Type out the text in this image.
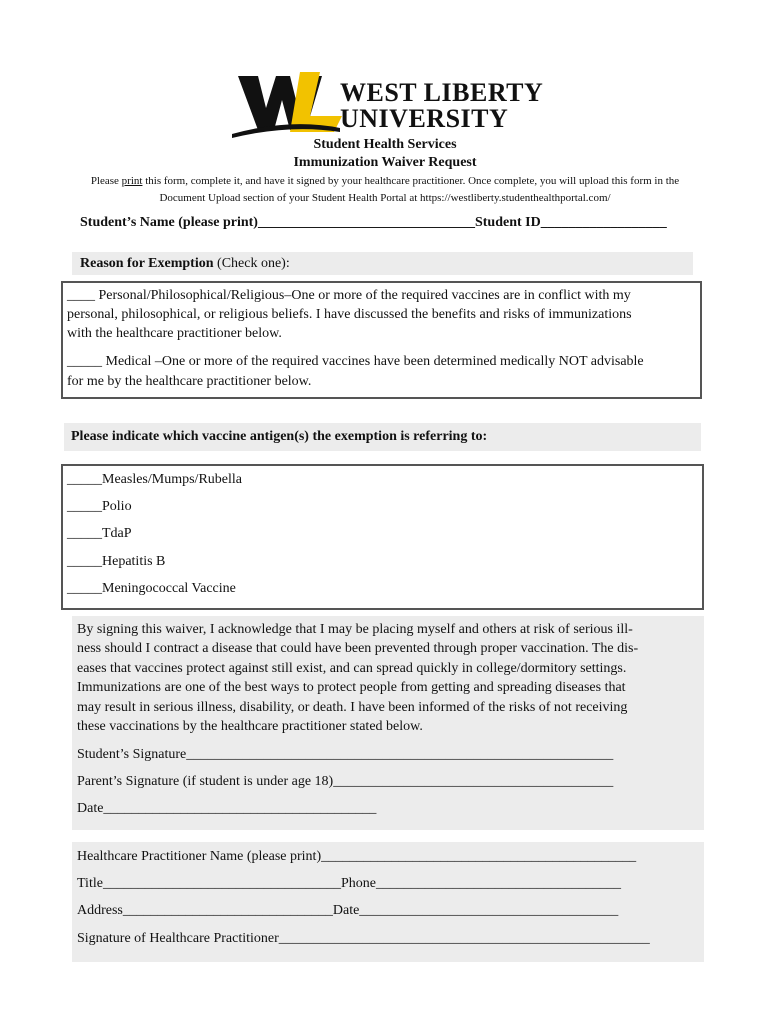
WEST LIBERTY
UNIVERSITY
Student Health Services
Immunization Waiver Request
Please print this form, complete it, and have it signed by your healthcare practitioner. Once complete, you will upload this form in the
Document Upload section of your Student Health Portal at https://westliberty.studenthealthportal.com/
Student’s Name (please print)_______________________________Student ID__________________
Reason for Exemption (Check one):
____ Personal/Philosophical/Religious–One or more of the required vaccines are in conflict with my
personal, philosophical, or religious beliefs. I have discussed the benefits and risks of immunizations
with the healthcare practitioner below.
_____ Medical –One or more of the required vaccines have been determined medically NOT advisable
for me by the healthcare practitioner below.
Please indicate which vaccine antigen(s) the exemption is referring to:
_____Measles/Mumps/Rubella
_____Polio
_____TdaP
_____Hepatitis B
_____Meningococcal Vaccine
By signing this waiver, I acknowledge that I may be placing myself and others at risk of serious ill-
ness should I contract a disease that could have been prevented through proper vaccination. The dis-
eases that vaccines protect against still exist, and can spread quickly in college/dormitory settings.
Immunizations are one of the best ways to protect people from getting and spreading diseases that
may result in serious illness, disability, or death. I have been informed of the risks of not receiving
these vaccinations by the healthcare practitioner stated below.
Student’s Signature_____________________________________________________________
Parent’s Signature (if student is under age 18)________________________________________
Date_______________________________________
Healthcare Practitioner Name (please print)_____________________________________________
Title__________________________________Phone___________________________________
Address______________________________Date_____________________________________
Signature of Healthcare Practitioner_____________________________________________________
